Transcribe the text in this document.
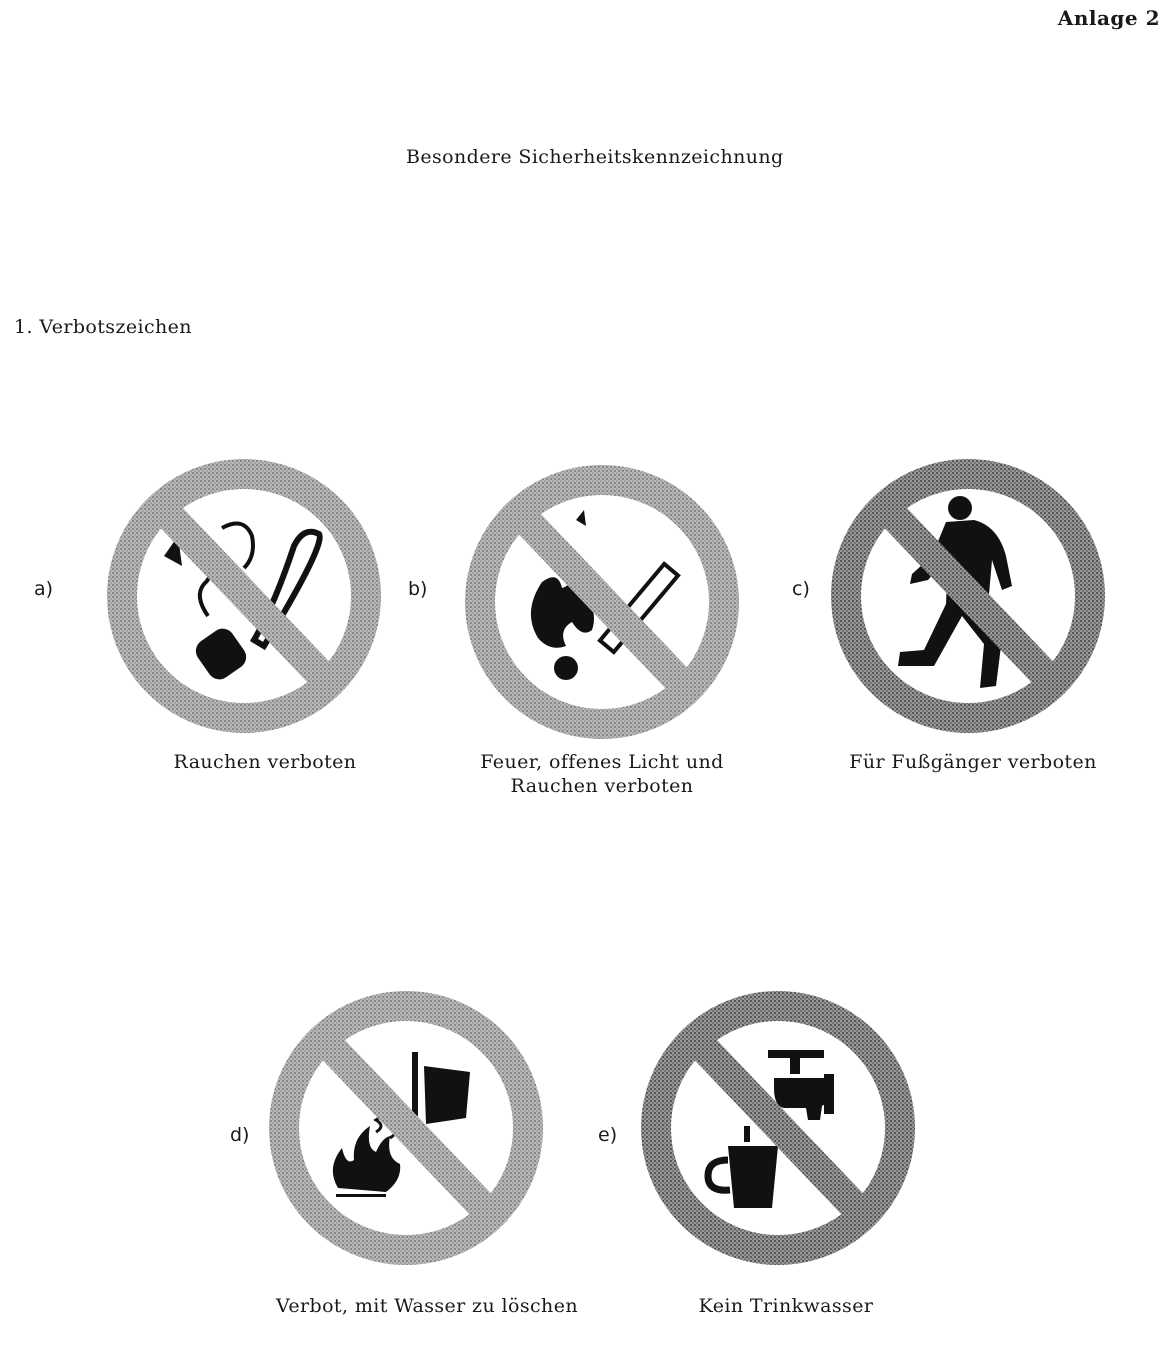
Anlage 2
Besondere Sicherheitskennzeichnung
1. Verbotszeichen
a)
Rauchen verboten
b)
Feuer, offenes Licht und
Rauchen verboten
c)
Für Fußgänger verboten
d)
Verbot, mit Wasser zu löschen
e)
Kein Trinkwasser
